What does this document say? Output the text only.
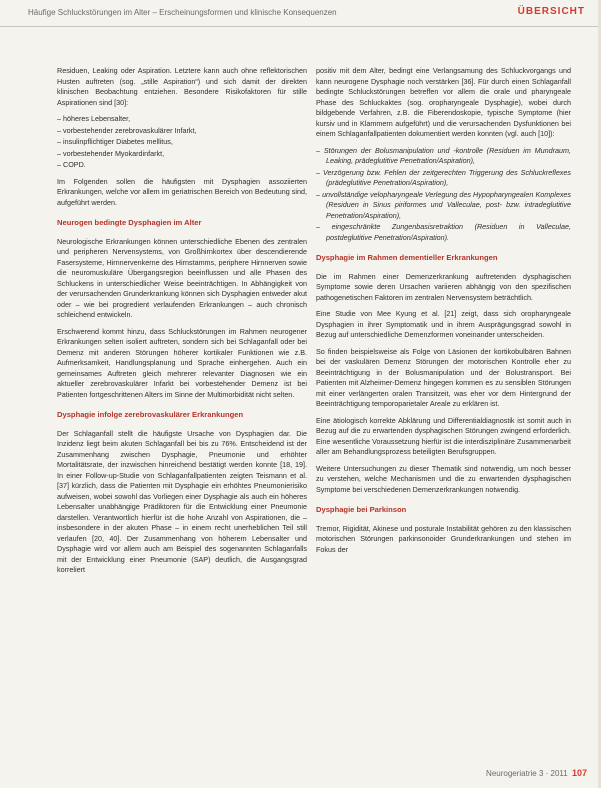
Häufige Schluckstörungen im Alter – Erscheinungsformen und klinische Konsequenzen	ÜBERSICHT

Residuen, Leaking oder Aspiration. Letztere kann auch ohne reflektorischen Husten auftreten (sog. „stille Aspiration“) und sich damit der direkten klinischen Beobachtung entziehen. Besondere Risikofaktoren für stille Aspirationen sind [30]:

– höheres Lebensalter,
– vorbestehender zerebrovaskulärer Infarkt,
– insulinpflichtiger Diabetes mellitus,
– vorbestehender Myokardinfarkt,
– COPD.

Im Folgenden sollen die häufigsten mit Dysphagien assoziierten Erkrankungen, welche vor allem im geriatrischen Bereich von Bedeutung sind, aufgeführt werden.

Neurogen bedingte Dysphagien im Alter

Neurologische Erkrankungen können unterschiedliche Ebenen des zentralen und peripheren Nervensystems, von Großhirnkortex über descendierende Fasersysteme, Hirnnervenkerne des Hirnstamms, periphere Hirnnerven sowie die neuromuskuläre Übergangsregion beeinflussen und alle Phasen des Schluckens in unterschiedlicher Weise beeinträchtigen. In Abhängigkeit von der verursachenden Grunderkrankung können sich Dysphagien entweder akut oder – wie bei progredient verlaufenden Erkrankungen – auch chronisch schleichend entwickeln.

Erschwerend kommt hinzu, dass Schluckstörungen im Rahmen neurogener Erkrankungen selten isoliert auftreten, sondern sich bei Schlaganfall oder bei Demenz mit anderen Störungen höherer kortikaler Funktionen wie z.B. Aufmerksamkeit, Handlungsplanung und Sprache einhergehen. Auch ein gemeinsames Auftreten gleich mehrerer relevanter Diagnosen wie ein aktueller zerebrovaskulärer Infarkt bei vorbestehender Demenz ist bei Patienten fortgeschrittenen Alters im Sinne der Multimorbidität nicht selten.

Dysphagie infolge zerebrovaskulärer Erkrankungen

Der Schlaganfall stellt die häufigste Ursache von Dysphagien dar. Die Inzidenz liegt beim akuten Schlaganfall bei bis zu 76%. Entscheidend ist der Zusammenhang zwischen Dysphagie, Pneumonie und erhöhter Mortalitätsrate, der inzwischen hinreichend bestätigt werden konnte [18, 19]. In einer Follow-up-Studie von Schlaganfallpatienten zeigten Teismann et al. [37] kürzlich, dass die Patienten mit Dysphagie ein erhöhtes Pneumonierisiko aufweisen, wobei sowohl das Vorliegen einer Dysphagie als auch ein höheres Lebensalter unabhängige Prädiktoren für die Entwicklung einer Pneumonie darstellen. Verantwortlich hierfür ist die hohe Anzahl von Aspirationen, die – insbesondere in der akuten Phase – in einem recht unerheblichen Teil still verlaufen [20, 40]. Der Zusammenhang von höherem Lebensalter und Dysphagie wird vor allem auch am Beispiel des sogenannten Schlaganfalls mit der Entwicklung einer Pneumonie (SAP) deutlich, die Ausgangsgrad korreliert

positiv mit dem Alter, bedingt eine Verlangsamung des Schluckvorgangs und kann neurogene Dysphagie noch verstärken [36]. Für durch einen Schlaganfall bedingte Schluckstörungen betreffen vor allem die orale und pharyngeale Phase des Schluckaktes (sog. oropharyngeale Dysphagie), wobei durch bildgebende Verfahren, z.B. die Fiberendoskopie, typische Symptome (hier kursiv und in Klammern aufgeführt) und die verursachenden Dysfunktionen bei einem Schlaganfallpatienten dokumentiert werden konnten (vgl. auch [10]):

– Störungen der Bolusmanipulation und -kontrolle (Residuen im Mundraum, Leaking, prädeglutitive Penetration/Aspiration),
– Verzögerung bzw. Fehlen der zeitgerechten Triggerung des Schluckreflexes (prädeglutitive Penetration/Aspiration),
– unvollständige velopharyngeale Verlegung des Hypopharyngealen Komplexes (Residuen in Sinus piriformes und Valleculae, post- bzw. intradeglutitive Penetration/Aspiration),
– eingeschränkte Zungenbasisretraktion (Residuen in Valleculae, postdeglutitive Penetration/Aspiration).
Dysphagie im Rahmen dementieller Erkrankungen

Die im Rahmen einer Demenzerkrankung auftretenden dysphagischen Symptome sowie deren Ursachen variieren abhängig von den spezifischen pathogenetischen Faktoren im zentralen Nervensystem beträchtlich.

Eine Studie von Mee Kyung et al. [21] zeigt, dass sich oropharyngeale Dysphagien in ihrer Symptomatik und in ihrem Ausprägungsgrad sowohl in Bezug auf unterschiedliche Demenzformen voneinander unterscheiden.

So finden beispielsweise als Folge von Läsionen der kortikobulbären Bahnen bei der vaskulären Demenz Störungen der motorischen Kontrolle eher zu Beeinträchtigung in der Bolusmanipulation und der Bolustransport. Bei Patienten mit Alzheimer-Demenz hingegen kommen es zu sensiblen Störungen mit einer verlängerten oralen Transitzeit, was eher vor dem Hintergrund der Beeinträchtigung temporoparietaler Areale zu erklären ist.

Eine ätiologisch korrekte Abklärung und Differentialdiagnostik ist somit auch in Bezug auf die zu erwartenden dysphagischen Störungen zwingend erforderlich. Eine wesentliche Voraussetzung hierfür ist die interdisziplinäre Zusammenarbeit aller am Behandlungsprozess beteiligten Berufsgruppen.

Weitere Untersuchungen zu dieser Thematik sind notwendig, um noch besser zu verstehen, welche Mechanismen und die zu erwartenden dysphagischen Symptome bei verschiedenen Demenzerkrankungen notwendig.

Dysphagie bei Parkinson

Tremor, Rigidität, Akinese und posturale Instabilität gehören zu den klassischen motorischen Störungen parkinsonoider Grunderkrankungen und stehen im Fokus der

Neurogeriatrie 3 · 2011 107
